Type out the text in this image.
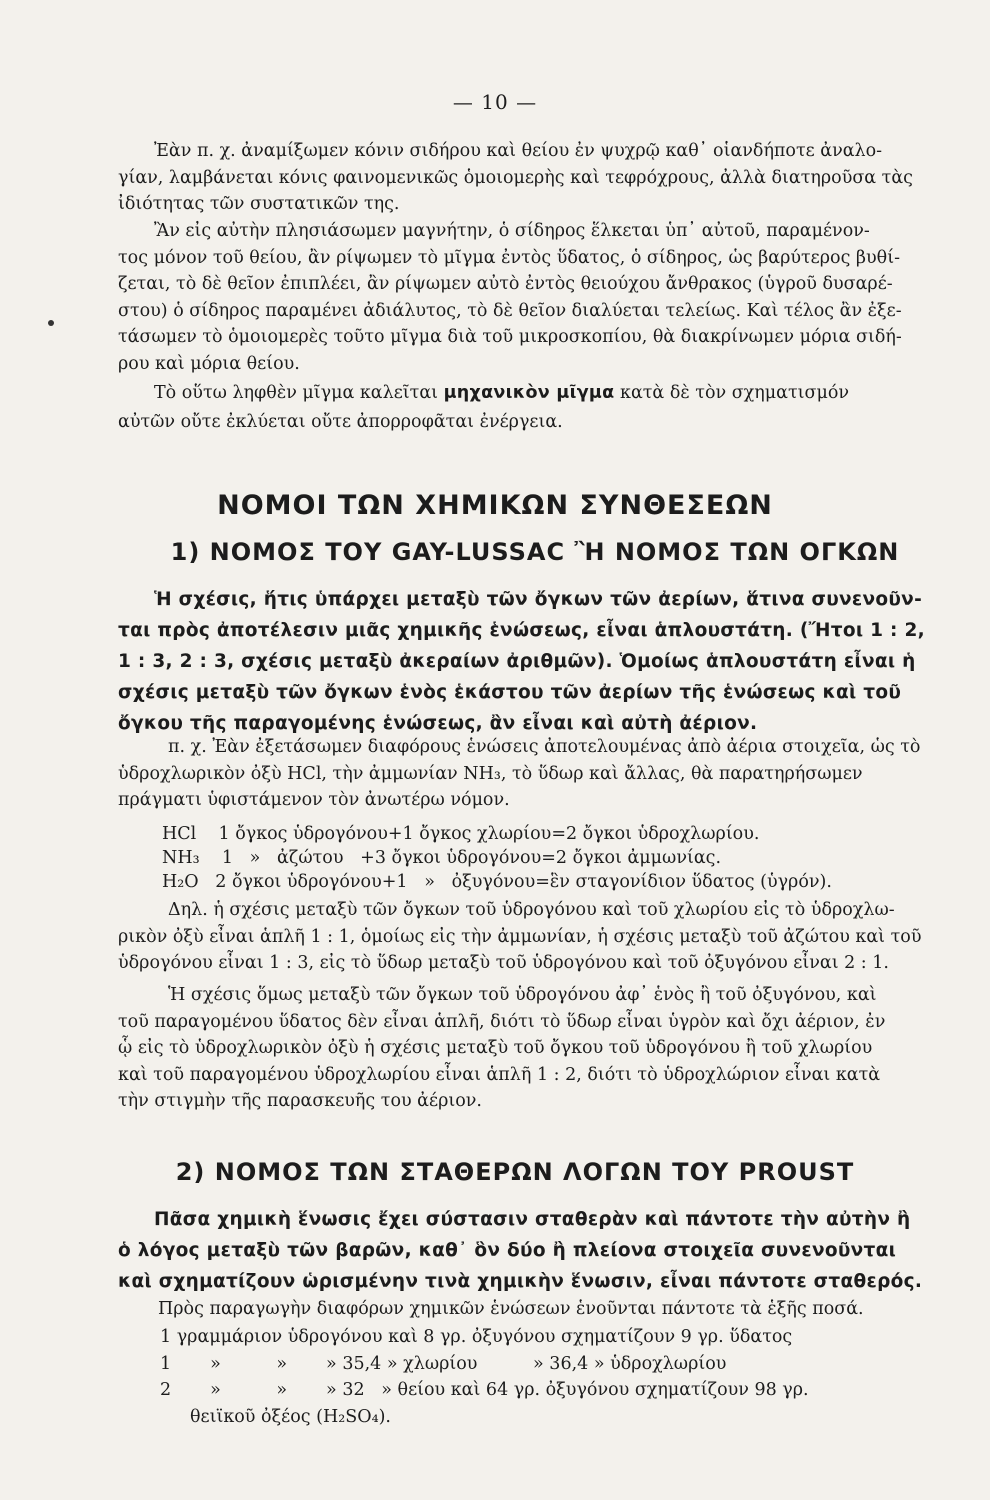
— 10 —
Ἐὰν π. χ. ἀναμίξωμεν κόνιν σιδήρου καὶ θείου ἐν ψυχρῷ καθ᾿ οἱανδήποτε ἀναλο-
γίαν, λαμβάνεται κόνις φαινομενικῶς ὁμοιομερὴς καὶ τεφρόχρους, ἀλλὰ διατηροῦσα τὰς
ἰδιότητας τῶν συστατικῶν της.
Ἂν εἰς αὐτὴν πλησιάσωμεν μαγνήτην, ὁ σίδηρος ἕλκεται ὑπ᾿ αὐτοῦ, παραμένον-
τος μόνον τοῦ θείου, ἂν ρίψωμεν τὸ μῖγμα ἐντὸς ὕδατος, ὁ σίδηρος, ὡς βαρύτερος βυθί-
ζεται, τὸ δὲ θεῖον ἐπιπλέει, ἂν ρίψωμεν αὐτὸ ἐντὸς θειούχου ἄνθρακος (ὑγροῦ δυσαρέ-
στου) ὁ σίδηρος παραμένει ἀδιάλυτος, τὸ δὲ θεῖον διαλύεται τελείως. Καὶ τέλος ἂν ἐξε-
τάσωμεν τὸ ὁμοιομερὲς τοῦτο μῖγμα διὰ τοῦ μικροσκοπίου, θὰ διακρίνωμεν μόρια σιδή-
ρου καὶ μόρια θείου.
Τὸ οὕτω ληφθὲν μῖγμα καλεῖται μηχανικὸν μῖγμα κατὰ δὲ τὸν σχηματισμόν
αὐτῶν οὔτε ἐκλύεται οὔτε ἀπορροφᾶται ἐνέργεια.
ΝΟΜΟΙ ΤΩΝ ΧΗΜΙΚΩΝ ΣΥΝΘΕΣΕΩΝ
1) ΝΟΜΟΣ ΤΟΥ GAY-LUSSAC Ἢ ΝΟΜΟΣ ΤΩΝ ΟΓΚΩΝ
Ἡ σχέσις, ἥτις ὑπάρχει μεταξὺ τῶν ὄγκων τῶν ἀερίων, ἅτινα συνενοῦν-
ται πρὸς ἀποτέλεσιν μιᾶς χημικῆς ἑνώσεως, εἶναι ἁπλουστάτη. (Ἤτοι 1 : 2,
1 : 3, 2 : 3, σχέσις μεταξὺ ἀκεραίων ἀριθμῶν). Ὁμοίως ἁπλουστάτη εἶναι ἡ
σχέσις μεταξὺ τῶν ὄγκων ἑνὸς ἑκάστου τῶν ἀερίων τῆς ἑνώσεως καὶ τοῦ
ὄγκου τῆς παραγομένης ἑνώσεως, ἂν εἶναι καὶ αὐτὴ ἀέριον.
π. χ. Ἐὰν ἐξετάσωμεν διαφόρους ἑνώσεις ἀποτελουμένας ἀπὸ ἀέρια στοιχεῖα, ὡς τὸ
ὑδροχλωρικὸν ὀξὺ HCl, τὴν ἀμμωνίαν NH₃, τὸ ὕδωρ καὶ ἄλλας, θὰ παρατηρήσωμεν
πράγματι ὑφιστάμενον τὸν ἀνωτέρω νόμον.
HCl    1 ὄγκος ὑδρογόνου+1 ὄγκος χλωρίου=2 ὄγκοι ὑδροχλωρίου.
NH₃    1   »   ἀζώτου   +3 ὄγκοι ὑδρογόνου=2 ὄγκοι ἀμμωνίας.
H₂O   2 ὄγκοι ὑδρογόνου+1   »   ὀξυγόνου=ἓν σταγονίδιον ὕδατος (ὑγρόν).
Δηλ. ἡ σχέσις μεταξὺ τῶν ὄγκων τοῦ ὑδρογόνου καὶ τοῦ χλωρίου εἰς τὸ ὑδροχλω-
ρικὸν ὀξὺ εἶναι ἁπλῆ 1 : 1, ὁμοίως εἰς τὴν ἀμμωνίαν, ἡ σχέσις μεταξὺ τοῦ ἀζώτου καὶ τοῦ
ὑδρογόνου εἶναι 1 : 3, εἰς τὸ ὕδωρ μεταξὺ τοῦ ὑδρογόνου καὶ τοῦ ὀξυγόνου εἶναι 2 : 1.
Ἡ σχέσις ὅμως μεταξὺ τῶν ὄγκων τοῦ ὑδρογόνου ἀφ᾿ ἑνὸς ἢ τοῦ ὀξυγόνου, καὶ
τοῦ παραγομένου ὕδατος δὲν εἶναι ἁπλῆ, διότι τὸ ὕδωρ εἶναι ὑγρὸν καὶ ὄχι ἀέριον, ἐν
ᾧ εἰς τὸ ὑδροχλωρικὸν ὀξὺ ἡ σχέσις μεταξὺ τοῦ ὄγκου τοῦ ὑδρογόνου ἢ τοῦ χλωρίου
καὶ τοῦ παραγομένου ὑδροχλωρίου εἶναι ἁπλῆ 1 : 2, διότι τὸ ὑδροχλώριον εἶναι κατὰ
τὴν στιγμὴν τῆς παρασκευῆς του ἀέριον.
2) ΝΟΜΟΣ ΤΩΝ ΣΤΑΘΕΡΩΝ ΛΟΓΩΝ ΤΟΥ PROUST
Πᾶσα χημικὴ ἕνωσις ἔχει σύστασιν σταθερὰν καὶ πάντοτε τὴν αὐτὴν ἢ
ὁ λόγος μεταξὺ τῶν βαρῶν, καθ᾿ ὃν δύο ἢ πλείονα στοιχεῖα συνενοῦνται
καὶ σχηματίζουν ὡρισμένην τινὰ χημικὴν ἕνωσιν, εἶναι πάντοτε σταθερός.
Πρὸς παραγωγὴν διαφόρων χημικῶν ἑνώσεων ἑνοῦνται πάντοτε τὰ ἑξῆς ποσά.
1 γραμμάριον ὑδρογόνου καὶ 8 γρ. ὀξυγόνου σχηματίζουν 9 γρ. ὕδατος
1       »          »       » 35,4 » χλωρίου          » 36,4 » ὑδροχλωρίου
2       »          »       » 32   » θείου καὶ 64 γρ. ὀξυγόνου σχηματίζουν 98 γρ.
θειϊκοῦ ὀξέος (H₂SO₄).
